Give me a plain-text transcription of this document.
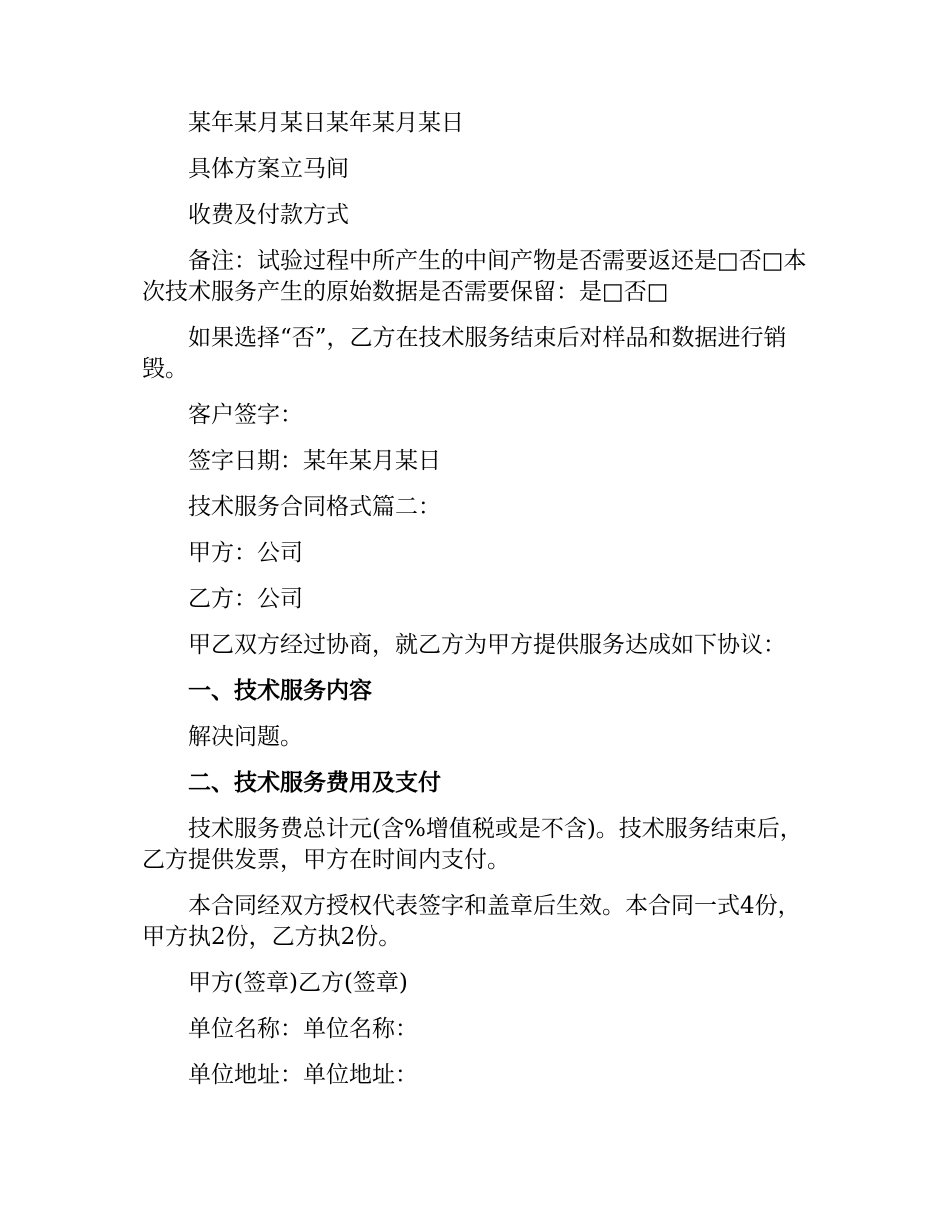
某年某月某日某年某月某日

具体方案立马间

收费及付款方式

备注：试验过程中所产生的中间产物是否需要返还是□否□本次技术服务产生的原始数据是否需要保留：是□否□

如果选择“否”，乙方在技术服务结束后对样品和数据进行销毁。

客户签字：

签字日期：某年某月某日

技术服务合同格式篇二：

甲方：公司

乙方：公司

甲乙双方经过协商，就乙方为甲方提供服务达成如下协议：

一、技术服务内容

解决问题。

二、技术服务费用及支付

技术服务费总计元(含%增值税或是不含)。技术服务结束后，乙方提供发票，甲方在时间内支付。

本合同经双方授权代表签字和盖章后生效。本合同一式4份，甲方执2份，乙方执2份。

甲方(签章)乙方(签章)

单位名称：单位名称：

单位地址：单位地址：
